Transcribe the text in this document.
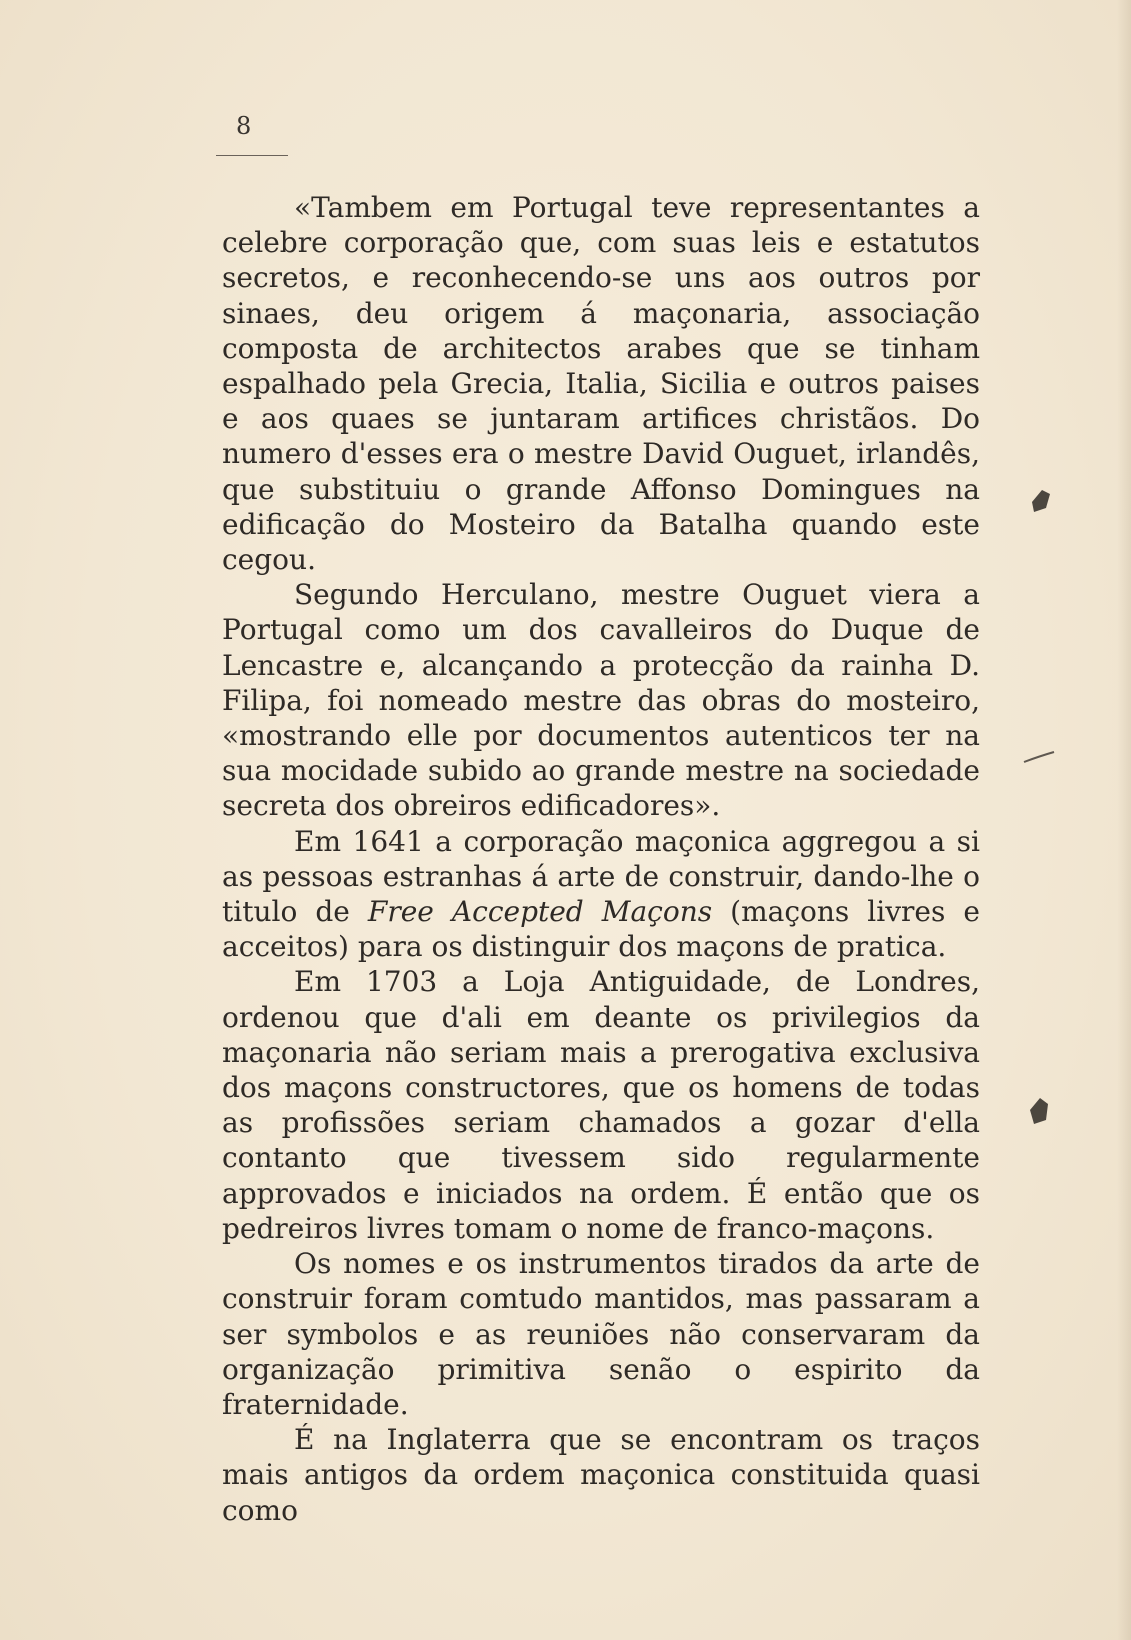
8

«Tambem em Portugal teve representantes a celebre corporação que, com suas leis e estatutos secretos, e reconhecendo-se uns aos outros por sinaes, deu origem á maçonaria, associação composta de architectos arabes que se tinham espalhado pela Grecia, Italia, Sicilia e outros paises e aos quaes se juntaram artifices christãos. Do numero d'esses era o mestre David Ouguet, irlandês, que substituiu o grande Affonso Domingues na edificação do Mosteiro da Batalha quando este cegou.

Segundo Herculano, mestre Ouguet viera a Portugal como um dos cavalleiros do Duque de Lencastre e, alcançando a protecção da rainha D. Filipa, foi nomeado mestre das obras do mosteiro, «mostrando elle por documentos autenticos ter na sua mocidade subido ao grande mestre na sociedade secreta dos obreiros edificadores».

Em 1641 a corporação maçonica aggregou a si as pessoas estranhas á arte de construir, dando-lhe o titulo de Free Accepted Maçons (maçons livres e acceitos) para os distinguir dos maçons de pratica.

Em 1703 a Loja Antiguidade, de Londres, ordenou que d'ali em deante os privilegios da maçonaria não seriam mais a prerogativa exclusiva dos maçons constructores, que os homens de todas as profissões seriam chamados a gozar d'ella contanto que tivessem sido regularmente approvados e iniciados na ordem. É então que os pedreiros livres tomam o nome de franco-maçons.

Os nomes e os instrumentos tirados da arte de construir foram comtudo mantidos, mas passaram a ser symbolos e as reuniões não conservaram da organização primitiva senão o espirito da fraternidade.

É na Inglaterra que se encontram os traços mais antigos da ordem maçonica constituida quasi como
